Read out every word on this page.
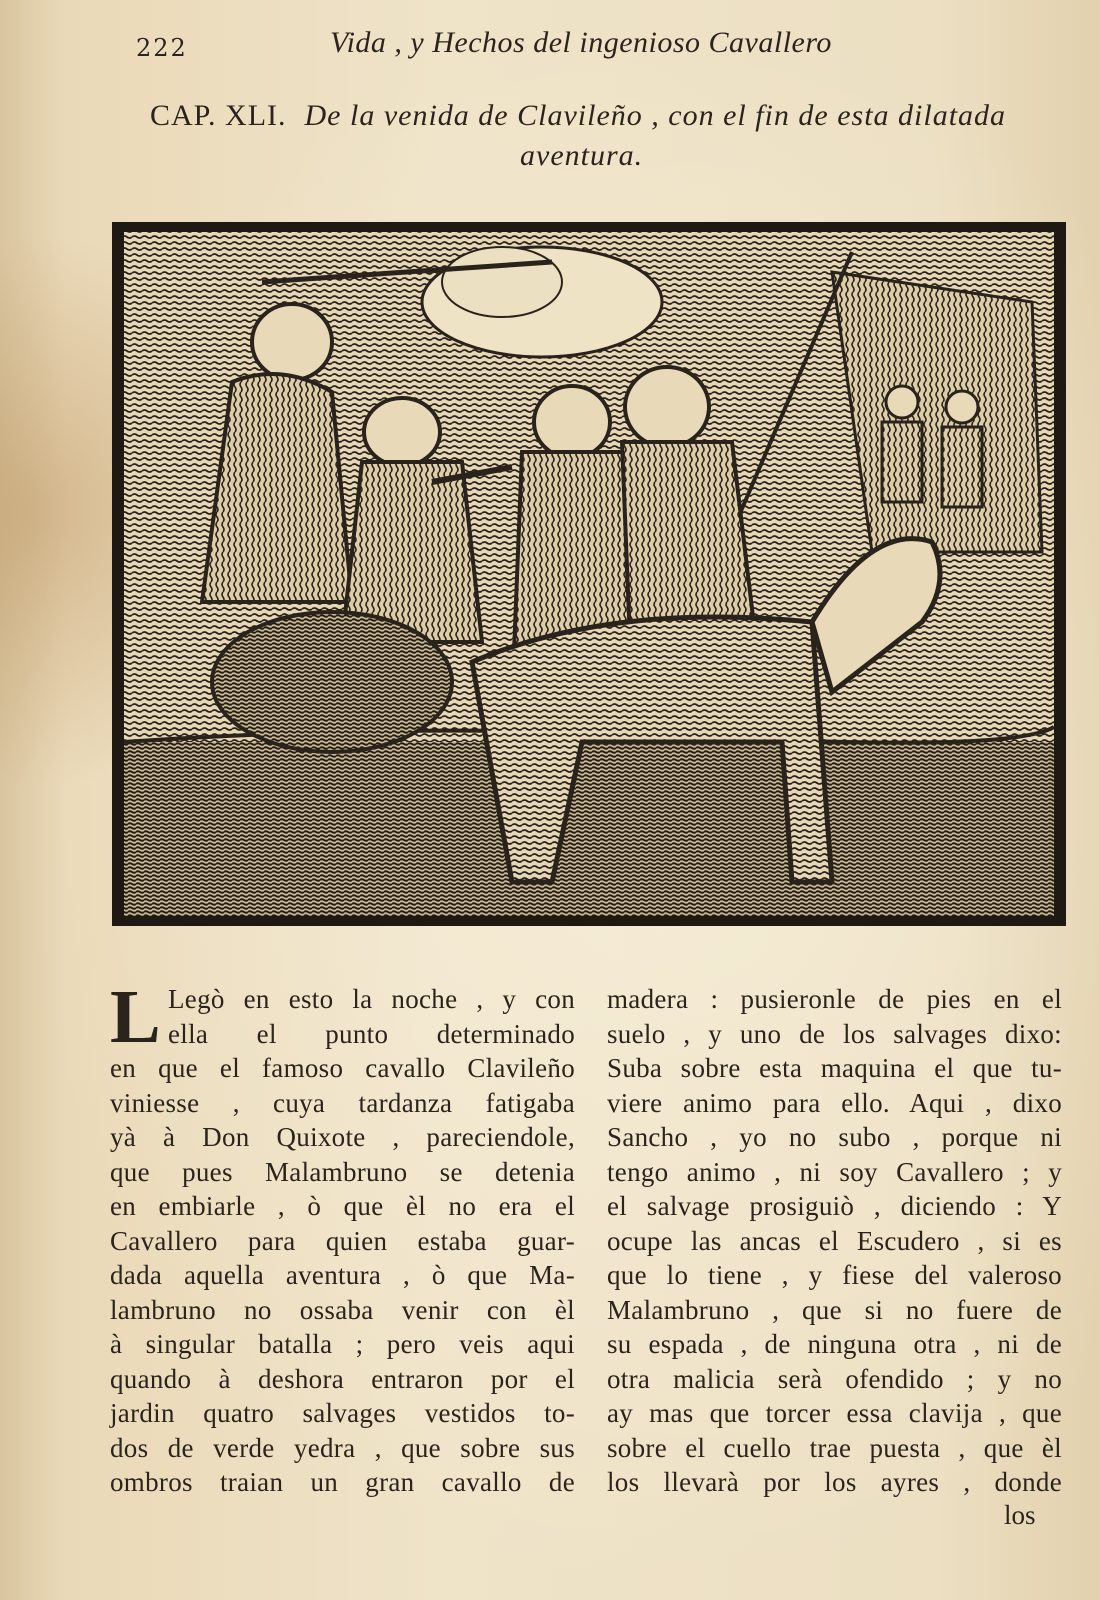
222	Vida , y Hechos del ingenioso Cavallero
CAP. XLI. De la venida de Clavileño , con el fin de esta dilatada
aventura.
L Legò en esto la noche , y con
ella el punto determinado
en que el famoso cavallo Clavileño
viniesse , cuya tardanza fatigaba
yà à Don Quixote , pareciendole,
que pues Malambruno se detenia
en embiarle , ò que èl no era el
Cavallero para quien estaba guar-
dada aquella aventura , ò que Ma-
lambruno no ossaba venir con èl
à singular batalla ; pero veis aqui
quando à deshora entraron por el
jardin quatro salvages vestidos to-
dos de verde yedra , que sobre sus
ombros traian un gran cavallo de
madera : pusieronle de pies en el
suelo , y uno de los salvages dixo:
Suba sobre esta maquina el que tu-
viere animo para ello. Aqui , dixo
Sancho , yo no subo , porque ni
tengo animo , ni soy Cavallero ; y
el salvage prosiguiò , diciendo : Y
ocupe las ancas el Escudero , si es
que lo tiene , y fiese del valeroso
Malambruno , que si no fuere de
su espada , de ninguna otra , ni de
otra malicia serà ofendido ; y no
ay mas que torcer essa clavija , que
sobre el cuello trae puesta , que èl
los llevarà por los ayres , donde
los
